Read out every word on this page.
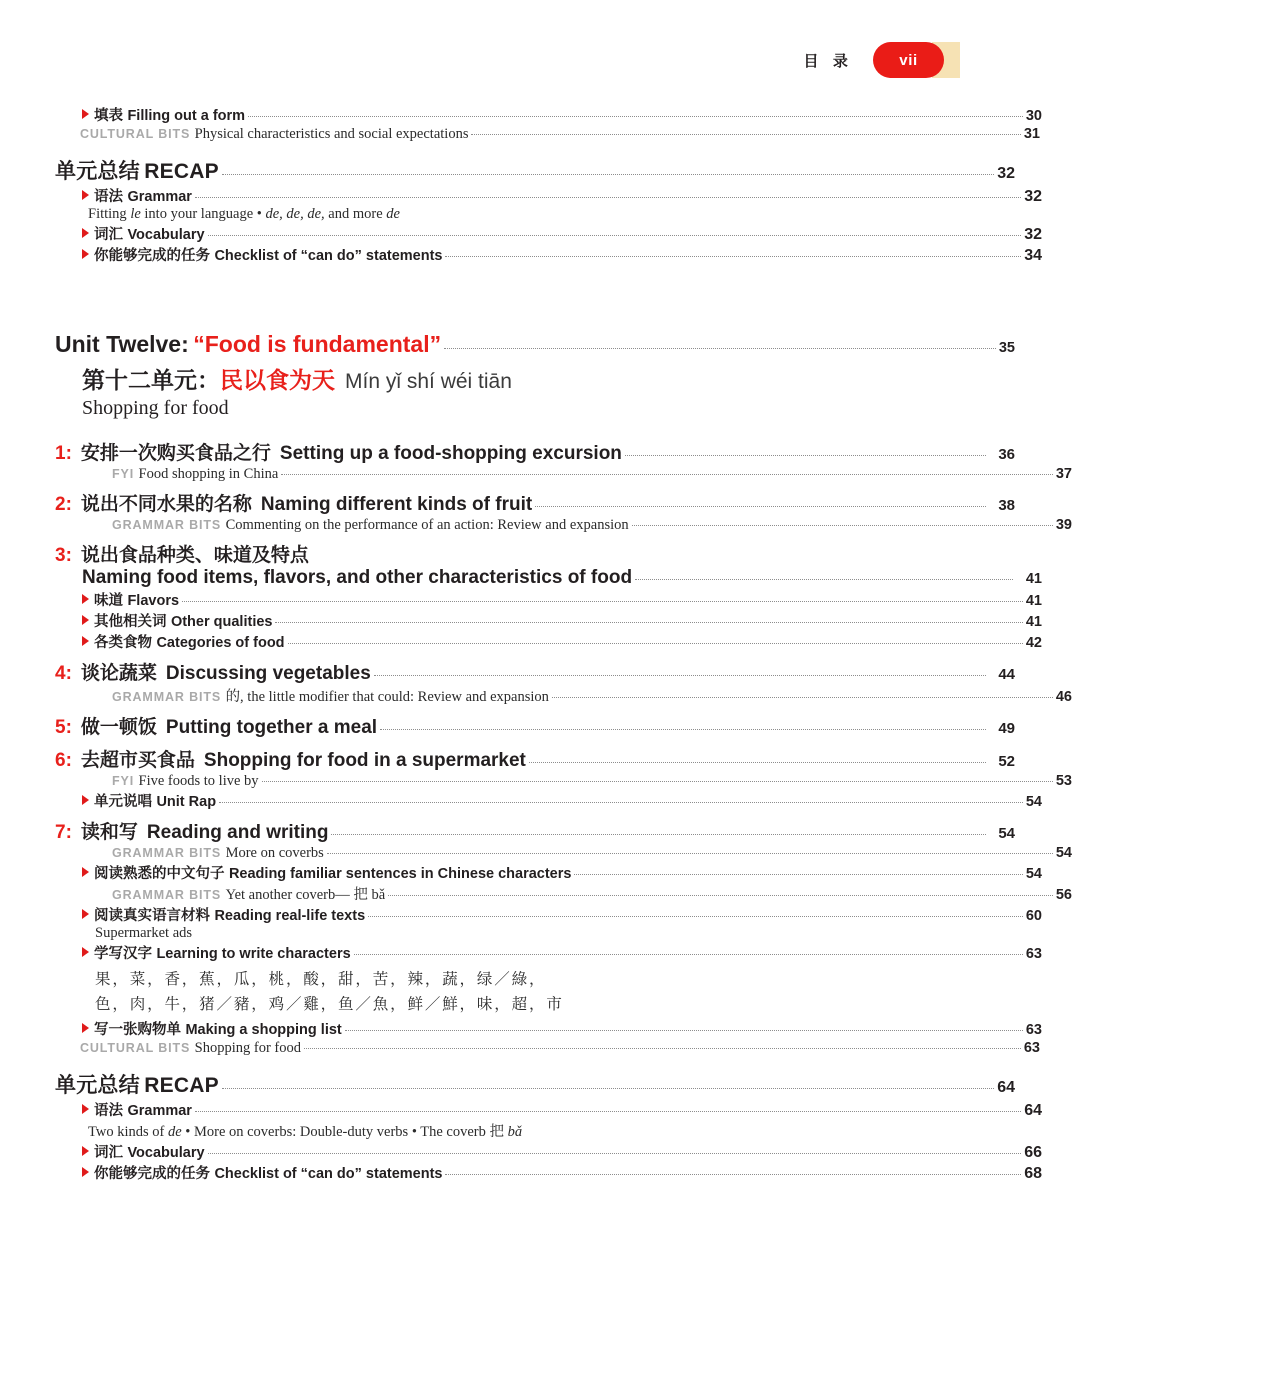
目 录	vii
填表 Filling out a form	30
CULTURAL BITS Physical characteristics and social expectations	31
单元总结 RECAP	32
语法 Grammar	32
Fitting le into your language • de, de, de, and more de
词汇 Vocabulary	32
你能够完成的任务 Checklist of “can do” statements	34
Unit Twelve: “Food is fundamental”	35
第十二单元： 民以食为天 Mín yǐ shí wéi tiān
Shopping for food
1: 安排一次购买食品之行 Setting up a food-shopping excursion	36
FYI Food shopping in China	37
2: 说出不同水果的名称 Naming different kinds of fruit	38
GRAMMAR BITS Commenting on the performance of an action: Review and expansion	39
3: 说出食品种类、味道及特点
Naming food items, flavors, and other characteristics of food	41
味道 Flavors	41
其他相关词 Other qualities	41
各类食物 Categories of food	42
4: 谈论蔬菜 Discussing vegetables	44
GRAMMAR BITS 的, the little modifier that could: Review and expansion	46
5: 做一顿饭 Putting together a meal	49
6: 去超市买食品 Shopping for food in a supermarket	52
FYI Five foods to live by	53
单元说唱 Unit Rap	54
7: 读和写 Reading and writing	54
GRAMMAR BITS More on coverbs	54
阅读熟悉的中文句子 Reading familiar sentences in Chinese characters	54
GRAMMAR BITS Yet another coverb— 把 bǎ	56
阅读真实语言材料 Reading real-life texts	60
Supermarket ads
学写汉字 Learning to write characters	63
果，菜，香，蕉，瓜，桃，酸，甜，苦，辣，蔬，绿／綠，
色，肉，牛，猪／豬，鸡／雞，鱼／魚，鲜／鮮，味，超，市
写一张购物单 Making a shopping list	63
CULTURAL BITS Shopping for food	63
单元总结 RECAP	64
语法 Grammar	64
Two kinds of de • More on coverbs: Double-duty verbs • The coverb 把 bǎ
词汇 Vocabulary	66
你能够完成的任务 Checklist of “can do” statements	68
